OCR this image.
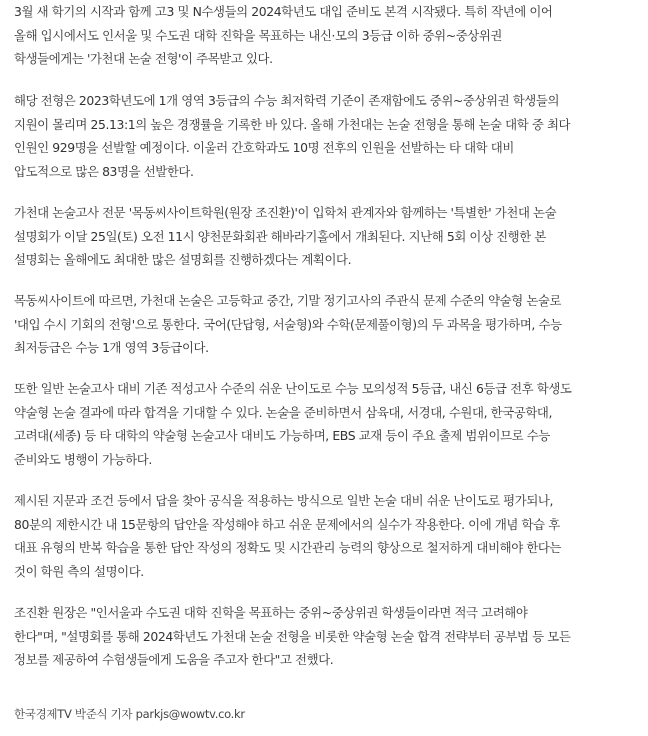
3월 새 학기의 시작과 함께 고3 및 N수생들의 2024학년도 대입 준비도 본격 시작됐다. 특히 작년에 이어
올해 입시에서도 인서울 및 수도권 대학 진학을 목표하는 내신·모의 3등급 이하 중위~중상위권
학생들에게는 '가천대 논술 전형'이 주목받고 있다.

해당 전형은 2023학년도에 1개 영역 3등급의 수능 최저학력 기준이 존재함에도 중위~중상위권 학생들의
지원이 몰리며 25.13:1의 높은 경쟁률을 기록한 바 있다. 올해 가천대는 논술 전형을 통해 논술 대학 중 최다
인원인 929명을 선발할 예정이다. 이울러 간호학과도 10명 전후의 인원을 선발하는 타 대학 대비
압도적으로 많은 83명을 선발한다.

가천대 논술고사 전문 '목동씨사이트학원(원장 조진환)'이 입학처 관계자와 함께하는 '특별한' 가천대 논술
설명회가 이달 25일(토) 오전 11시 양천문화회관 해바라기홀에서 개최된다. 지난해 5회 이상 진행한 본
설명회는 올해에도 최대한 많은 설명회를 진행하겠다는 계획이다.

목동씨사이트에 따르면, 가천대 논술은 고등학교 중간, 기말 정기고사의 주관식 문제 수준의 약술형 논술로
'대입 수시 기회의 전형'으로 통한다. 국어(단답형, 서술형)와 수학(문제풀이형)의 두 과목을 평가하며, 수능
최저등급은 수능 1개 영역 3등급이다.

또한 일반 논술고사 대비 기존 적성고사 수준의 쉬운 난이도로 수능 모의성적 5등급, 내신 6등급 전후 학생도
약술형 논술 결과에 따라 합격을 기대할 수 있다. 논술을 준비하면서 삼육대, 서경대, 수원대, 한국공학대,
고려대(세종) 등 타 대학의 약술형 논술고사 대비도 가능하며, EBS 교재 등이 주요 출제 범위이므로 수능
준비와도 병행이 가능하다.

제시된 지문과 조건 등에서 답을 찾아 공식을 적용하는 방식으로 일반 논술 대비 쉬운 난이도로 평가되나,
80분의 제한시간 내 15문항의 답안을 작성해야 하고 쉬운 문제에서의 실수가 작용한다. 이에 개념 학습 후
대표 유형의 반복 학습을 통한 답안 작성의 정확도 및 시간관리 능력의 향상으로 철저하게 대비해야 한다는
것이 학원 측의 설명이다.

조진환 원장은 "인서울과 수도권 대학 진학을 목표하는 중위~중상위권 학생들이라면 적극 고려해야
한다"며, "설명회를 통해 2024학년도 가천대 논술 전형을 비롯한 약술형 논술 합격 전략부터 공부법 등 모든
정보를 제공하여 수험생들에게 도움을 주고자 한다"고 전했다.

한국경제TV 박준식 기자 parkjs@wowtv.co.kr
